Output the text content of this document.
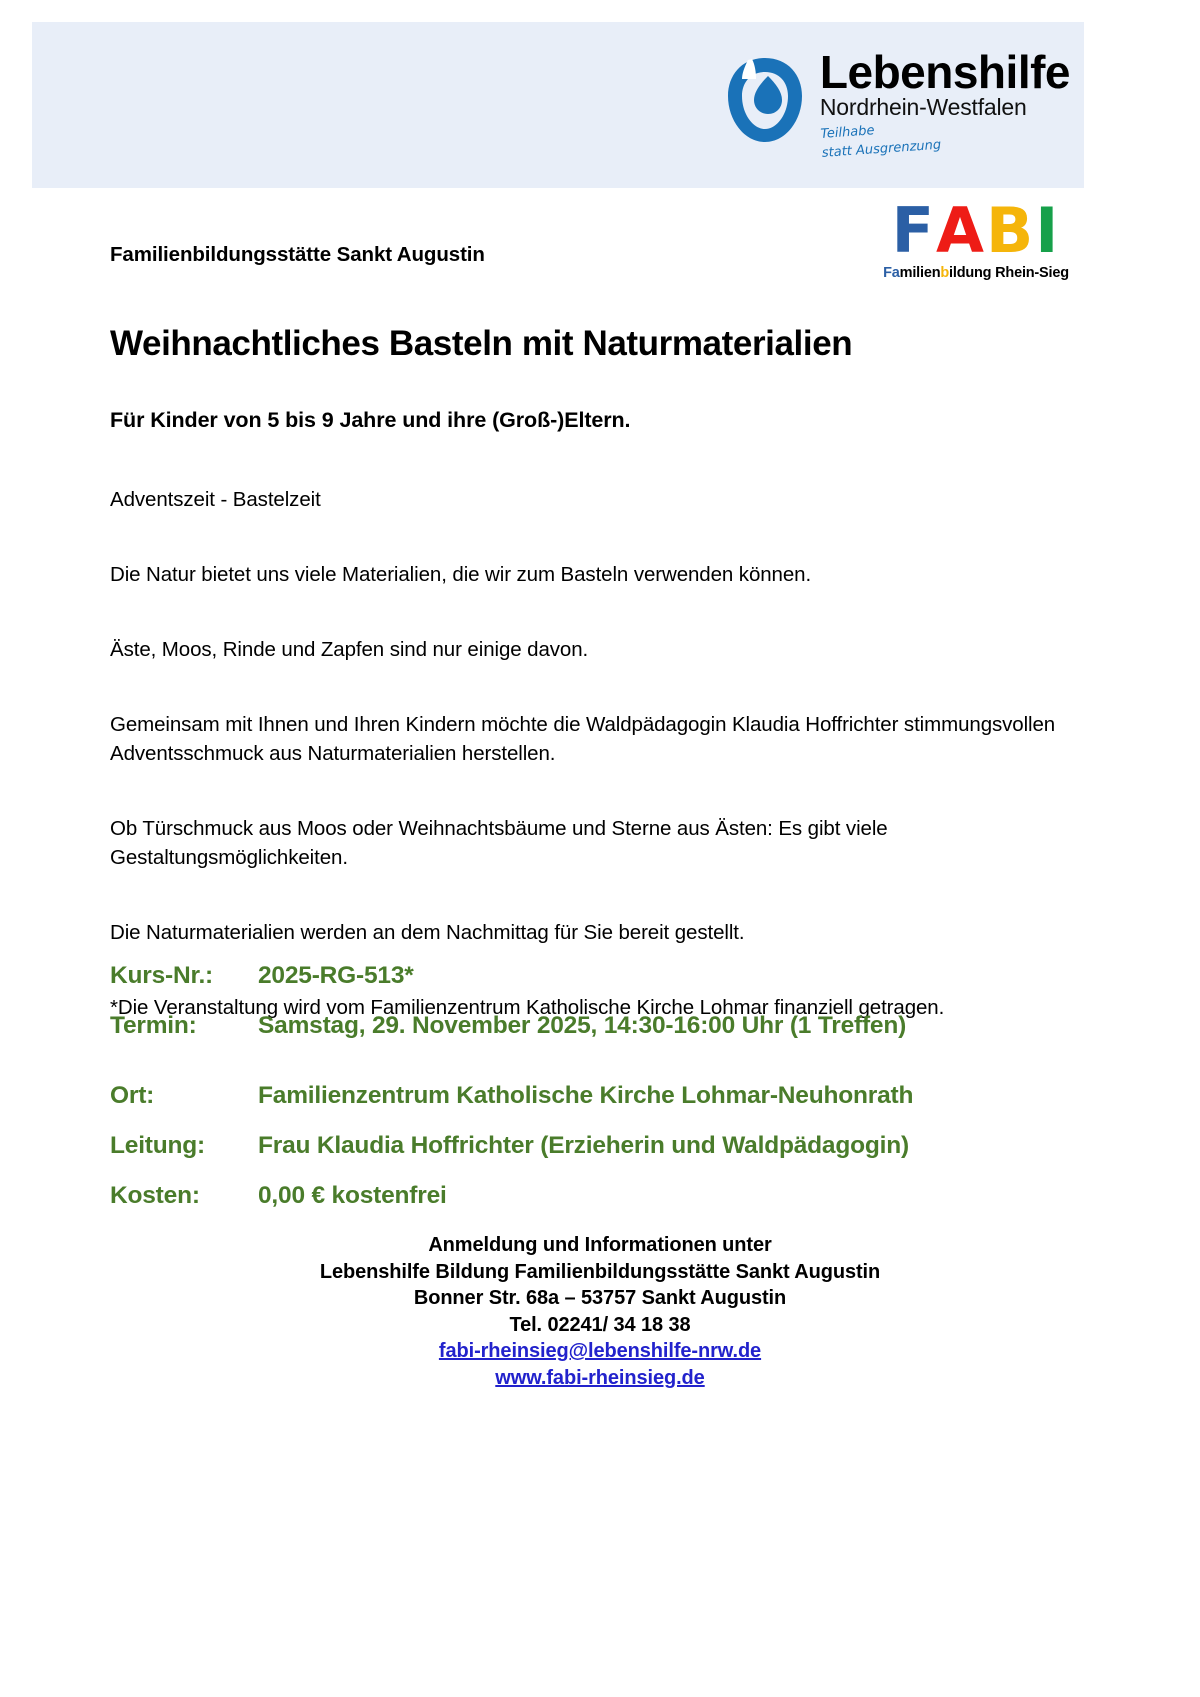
Lebenshilfe
Nordrhein-Westfalen
Teilhabe
statt Ausgrenzung
F A B I
Familienbildung Rhein-Sieg

Familienbildungsstätte Sankt Augustin

Weihnachtliches Basteln mit Naturmaterialien

Für Kinder von 5 bis 9 Jahre und ihre (Groß-)Eltern.

Adventszeit - Bastelzeit

Die Natur bietet uns viele Materialien, die wir zum Basteln verwenden können.

Äste, Moos, Rinde und Zapfen sind nur einige davon.

Gemeinsam mit Ihnen und Ihren Kindern möchte die Waldpädagogin Klaudia Hoffrichter stimmungsvollen Adventsschmuck aus Naturmaterialien herstellen.

Ob Türschmuck aus Moos oder Weihnachtsbäume und Sterne aus Ästen: Es gibt viele Gestaltungsmöglichkeiten.

Die Naturmaterialien werden an dem Nachmittag für Sie bereit gestellt.

*Die Veranstaltung wird vom Familienzentrum Katholische Kirche Lohmar finanziell getragen.

Kurs-Nr.:	2025-RG-513*
Termin:	Samstag, 29. November 2025, 14:30-16:00 Uhr (1 Treffen)
Ort:	Familienzentrum Katholische Kirche Lohmar-Neuhonrath
Leitung:	Frau Klaudia Hoffrichter (Erzieherin und Waldpädagogin)
Kosten:	0,00 € kostenfrei
Anmeldung und Informationen unter
Lebenshilfe Bildung Familienbildungsstätte Sankt Augustin
Bonner Str. 68a – 53757 Sankt Augustin
Tel. 02241/ 34 18 38
fabi-rheinsieg@lebenshilfe-nrw.de
www.fabi-rheinsieg.de
